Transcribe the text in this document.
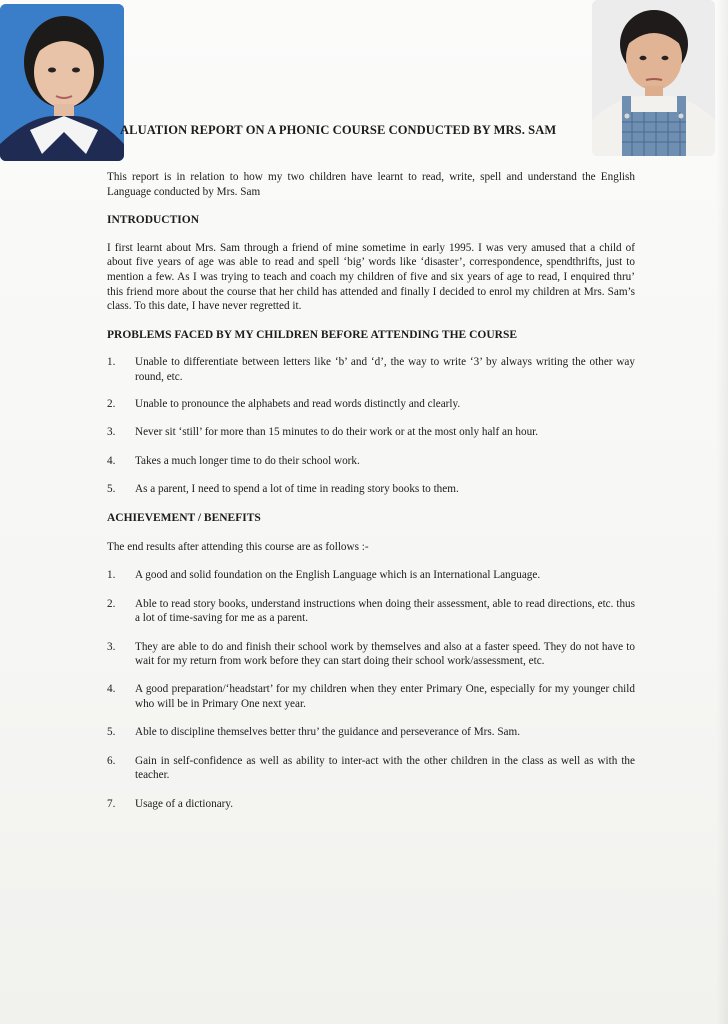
ALUATION REPORT ON A PHONIC COURSE CONDUCTED BY MRS. SAM

This report is in relation to how my two children have learnt to read, write, spell and understand the English Language conducted by Mrs. Sam

INTRODUCTION

I first learnt about Mrs. Sam through a friend of mine sometime in early 1995. I was very amused that a child of about five years of age was able to read and spell ‘big’ words like ‘disaster’, correspondence, spendthrifts, just to mention a few. As I was trying to teach and coach my children of five and six years of age to read, I enquired thru’ this friend more about the course that her child has attended and finally I decided to enrol my children at Mrs. Sam’s class. To this date, I have never regretted it.

PROBLEMS FACED BY MY CHILDREN BEFORE ATTENDING THE COURSE

1.	Unable to differentiate between letters like ‘b’ and ‘d’, the way to write ‘3’ by always writing the other way round, etc.
2.	Unable to pronounce the alphabets and read words distinctly and clearly.
3.	Never sit ‘still’ for more than 15 minutes to do their work or at the most only half an hour.
4.	Takes a much longer time to do their school work.
5.	As a parent, I need to spend a lot of time in reading story books to them.

ACHIEVEMENT / BENEFITS

The end results after attending this course are as follows :-

1.	A good and solid foundation on the English Language which is an International Language.
2.	Able to read story books, understand instructions when doing their assessment, able to read directions, etc. thus a lot of time-saving for me as a parent.
3.	They are able to do and finish their school work by themselves and also at a faster speed. They do not have to wait for my return from work before they can start doing their school work/assessment, etc.
4.	A good preparation/‘headstart’ for my children when they enter Primary One, especially for my younger child who will be in Primary One next year.
5.	Able to discipline themselves better thru’ the guidance and perseverance of Mrs. Sam.
6.	Gain in self-confidence as well as ability to inter-act with the other children in the class as well as with the teacher.
7.	Usage of a dictionary.
